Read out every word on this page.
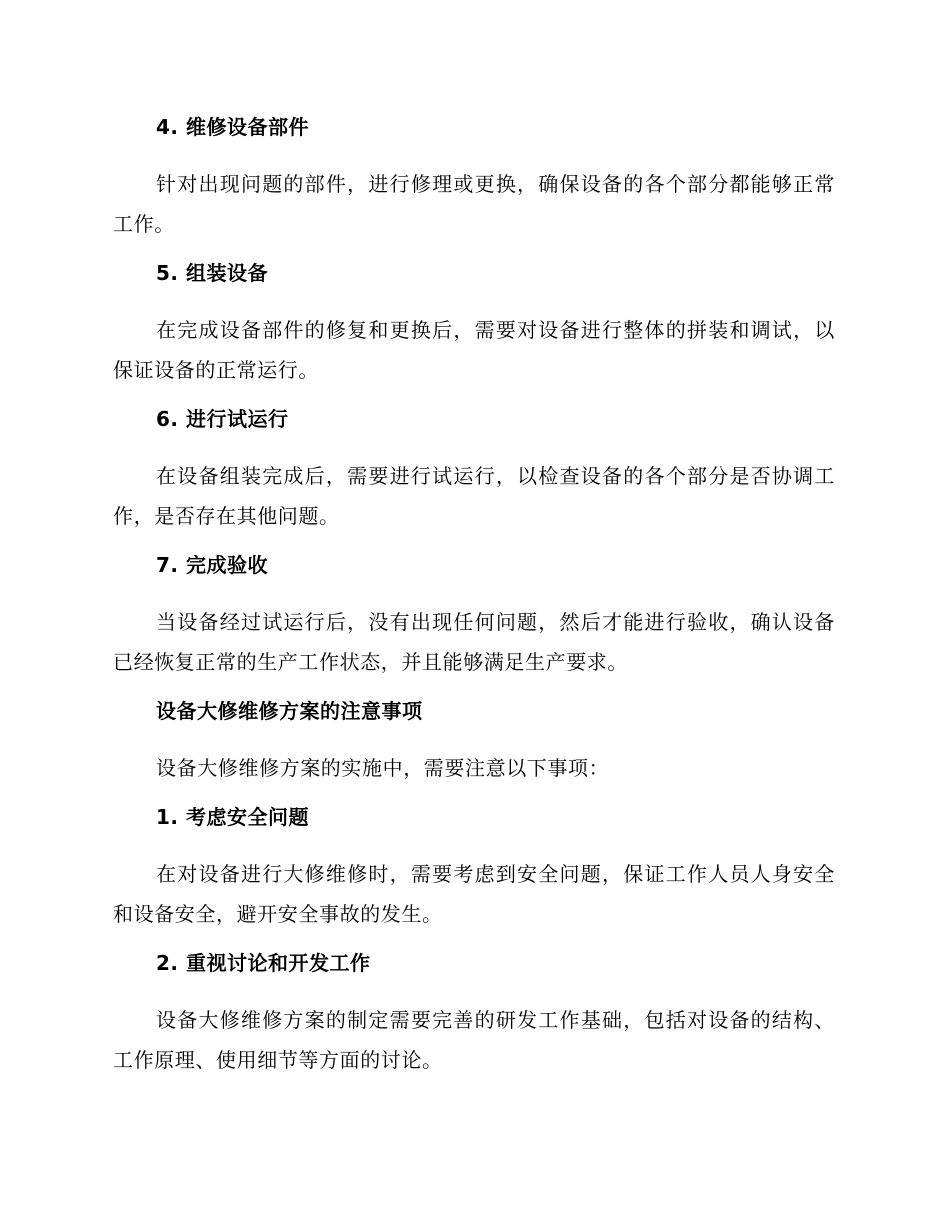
4. 维修设备部件
针对出现问题的部件，进行修理或更换，确保设备的各个部分都能够正常工作。
5. 组装设备
在完成设备部件的修复和更换后，需要对设备进行整体的拼装和调试，以保证设备的正常运行。
6. 进行试运行
在设备组装完成后，需要进行试运行，以检查设备的各个部分是否协调工作，是否存在其他问题。
7. 完成验收
当设备经过试运行后，没有出现任何问题，然后才能进行验收，确认设备已经恢复正常的生产工作状态，并且能够满足生产要求。
设备大修维修方案的注意事项
设备大修维修方案的实施中，需要注意以下事项：
1. 考虑安全问题
在对设备进行大修维修时，需要考虑到安全问题，保证工作人员人身安全和设备安全，避开安全事故的发生。
2. 重视讨论和开发工作
设备大修维修方案的制定需要完善的研发工作基础，包括对设备的结构、工作原理、使用细节等方面的讨论。
